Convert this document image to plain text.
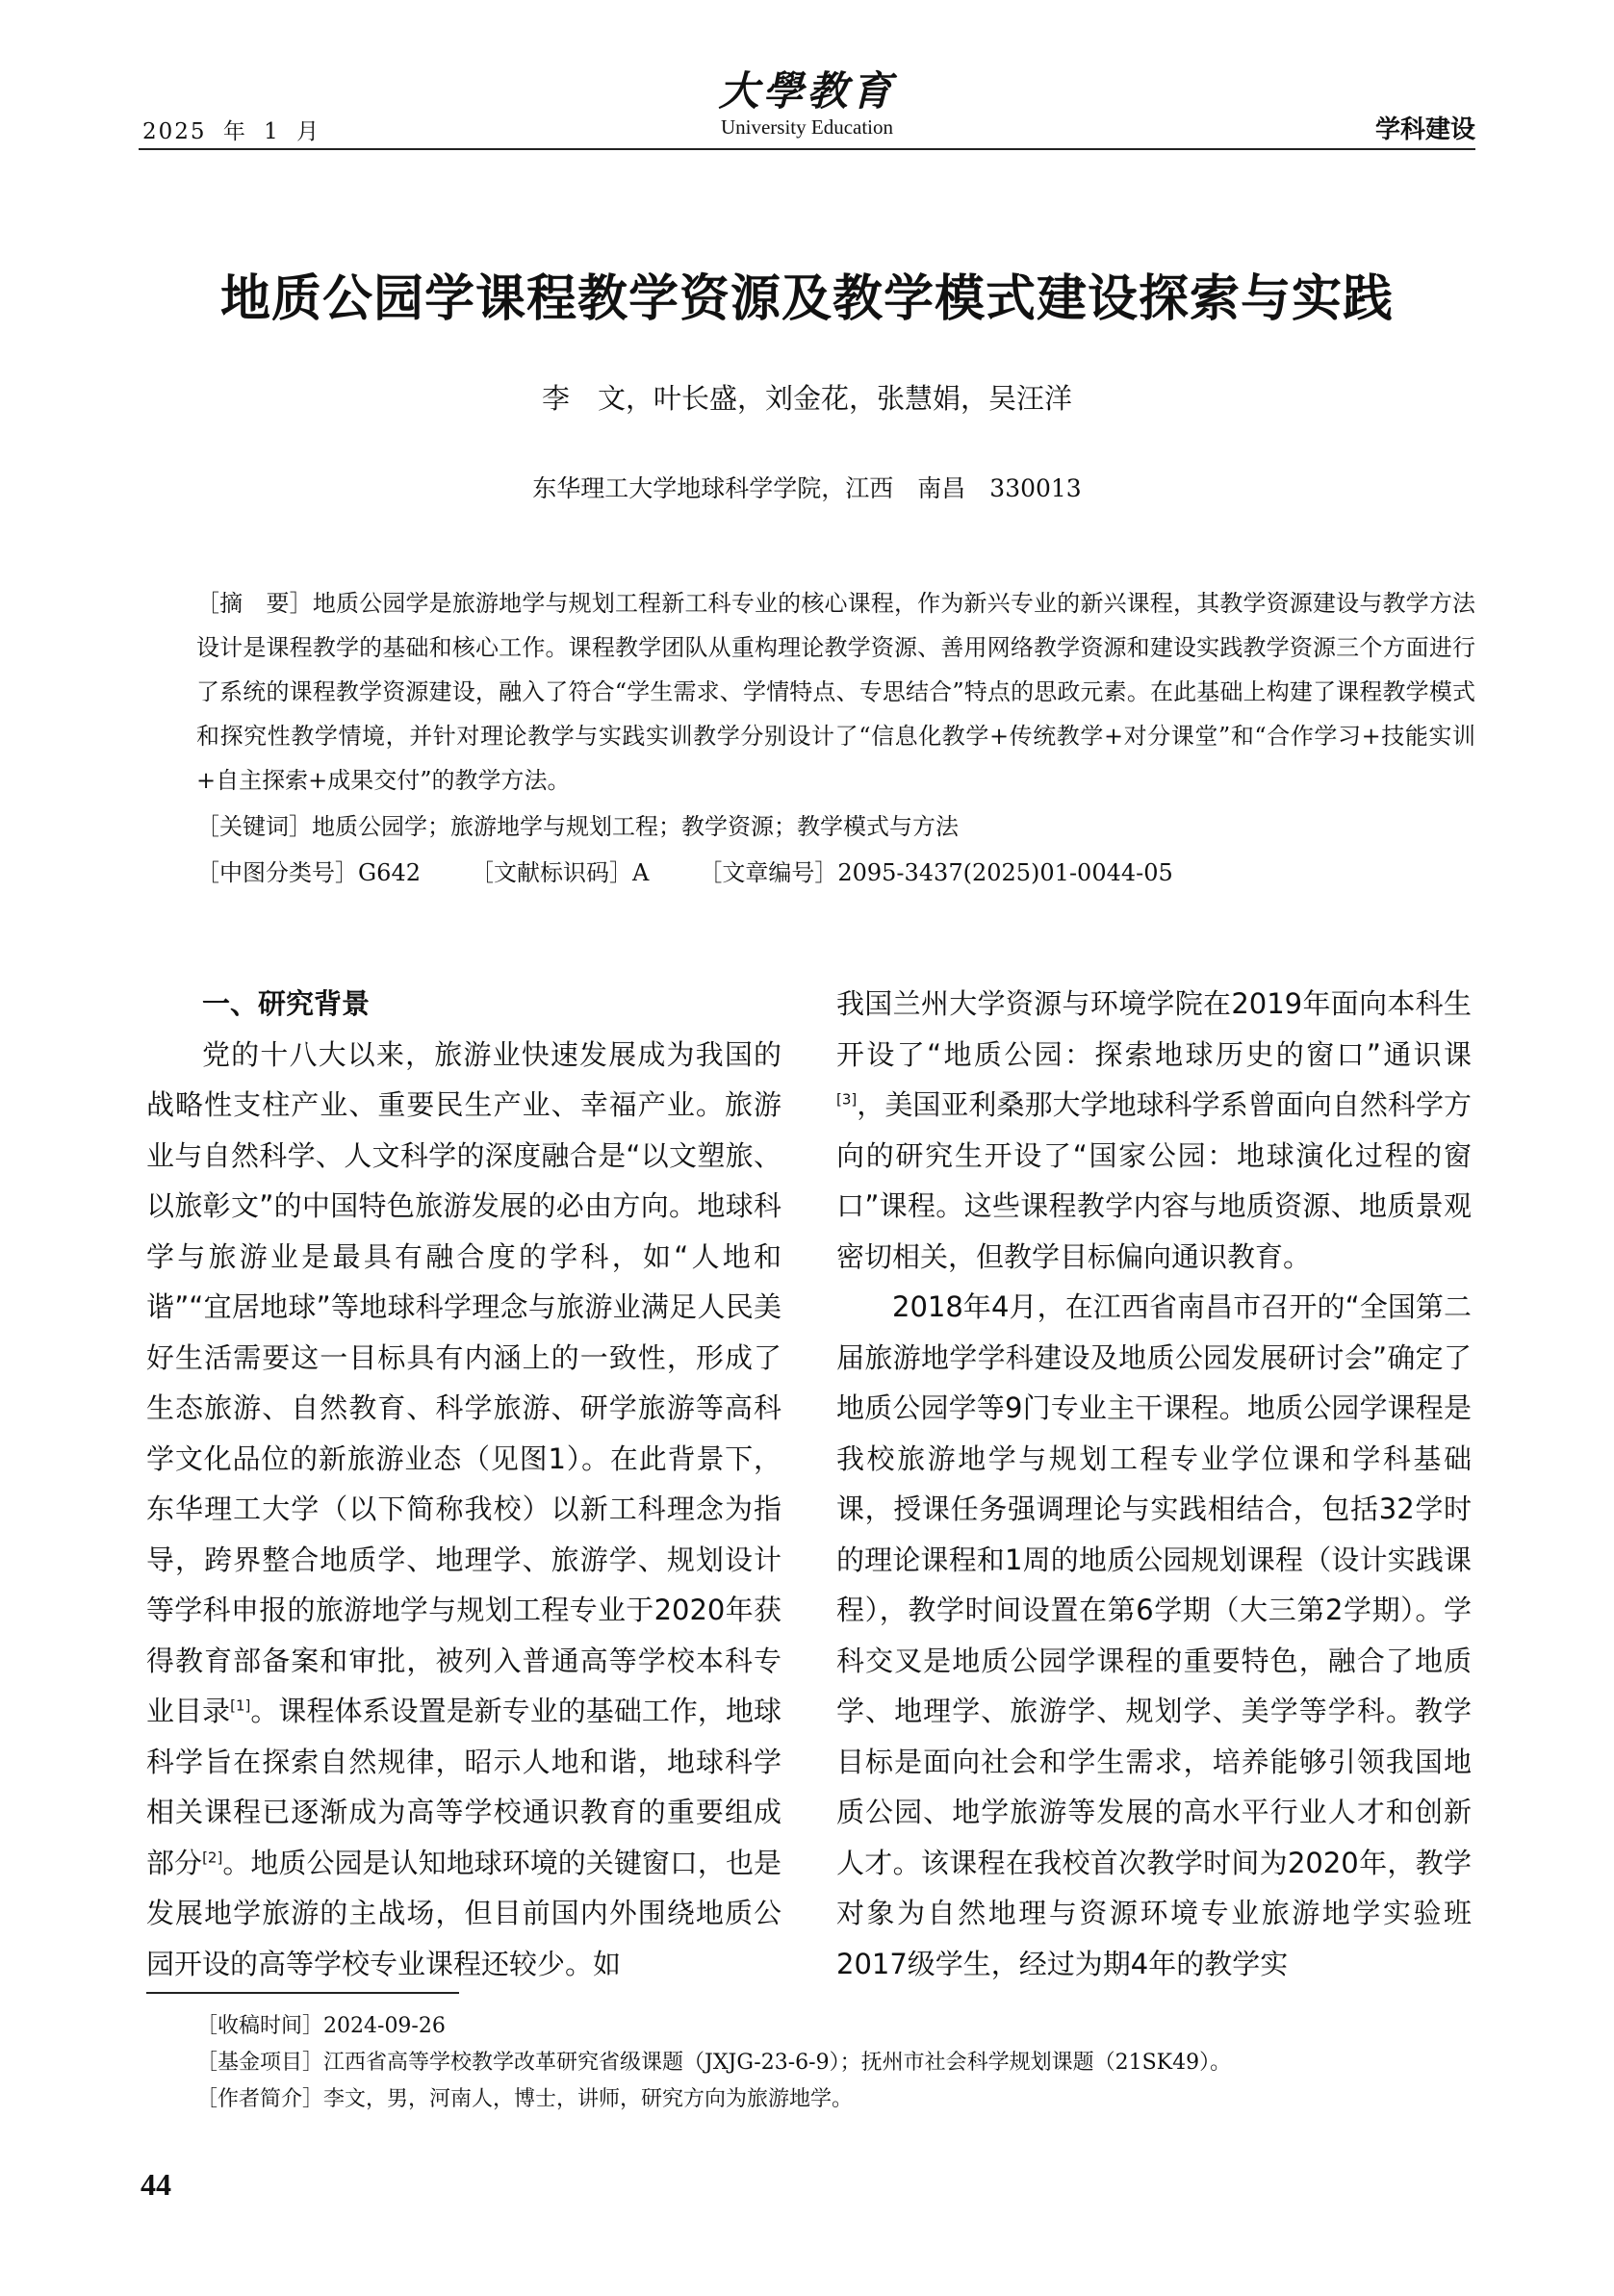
2025 年 1 月
大學教育
University Education	学科建设
地质公园学课程教学资源及教学模式建设探索与实践
李　文，叶长盛，刘金花，张慧娟，吴汪洋
东华理工大学地球科学学院，江西　南昌　330013
［摘　要］地质公园学是旅游地学与规划工程新工科专业的核心课程，作为新兴专业的新兴课程，其教学资源建设与教学方法设计是课程教学的基础和核心工作。课程教学团队从重构理论教学资源、善用网络教学资源和建设实践教学资源三个方面进行了系统的课程教学资源建设，融入了符合“学生需求、学情特点、专思结合”特点的思政元素。在此基础上构建了课程教学模式和探究性教学情境，并针对理论教学与实践实训教学分别设计了“信息化教学+传统教学+对分课堂”和“合作学习+技能实训+自主探索+成果交付”的教学方法。
［关键词］地质公园学；旅游地学与规划工程；教学资源；教学模式与方法
［中图分类号］G642 ［文献标识码］A ［文章编号］2095-3437(2025)01-0044-05

一、研究背景

党的十八大以来，旅游业快速发展成为我国的战略性支柱产业、重要民生产业、幸福产业。旅游业与自然科学、人文科学的深度融合是“以文塑旅、以旅彰文”的中国特色旅游发展的必由方向。地球科学与旅游业是最具有融合度的学科，如“人地和谐”“宜居地球”等地球科学理念与旅游业满足人民美好生活需要这一目标具有内涵上的一致性，形成了生态旅游、自然教育、科学旅游、研学旅游等高科学文化品位的新旅游业态（见图1）。在此背景下，东华理工大学（以下简称我校）以新工科理念为指导，跨界整合地质学、地理学、旅游学、规划设计等学科申报的旅游地学与规划工程专业于2020年获得教育部备案和审批，被列入普通高等学校本科专业目录[1]。课程体系设置是新专业的基础工作，地球科学旨在探索自然规律，昭示人地和谐，地球科学相关课程已逐渐成为高等学校通识教育的重要组成部分[2]。地质公园是认知地球环境的关键窗口，也是发展地学旅游的主战场，但目前国内外围绕地质公园开设的高等学校专业课程还较少。如

我国兰州大学资源与环境学院在2019年面向本科生开设了“地质公园：探索地球历史的窗口”通识课[3]，美国亚利桑那大学地球科学系曾面向自然科学方向的研究生开设了“国家公园：地球演化过程的窗口”课程。这些课程教学内容与地质资源、地质景观密切相关，但教学目标偏向通识教育。

2018年4月，在江西省南昌市召开的“全国第二届旅游地学学科建设及地质公园发展研讨会”确定了地质公园学等9门专业主干课程。地质公园学课程是我校旅游地学与规划工程专业学位课和学科基础课，授课任务强调理论与实践相结合，包括32学时的理论课程和1周的地质公园规划课程（设计实践课程），教学时间设置在第6学期（大三第2学期）。学科交叉是地质公园学课程的重要特色，融合了地质学、地理学、旅游学、规划学、美学等学科。教学目标是面向社会和学生需求，培养能够引领我国地质公园、地学旅游等发展的高水平行业人才和创新人才。该课程在我校首次教学时间为2020年，教学对象为自然地理与资源环境专业旅游地学实验班2017级学生，经过为期4年的教学实

［收稿时间］2024-09-26
［基金项目］江西省高等学校教学改革研究省级课题（JXJG-23-6-9）；抚州市社会科学规划课题（21SK49）。
［作者简介］李文，男，河南人，博士，讲师，研究方向为旅游地学。
44
